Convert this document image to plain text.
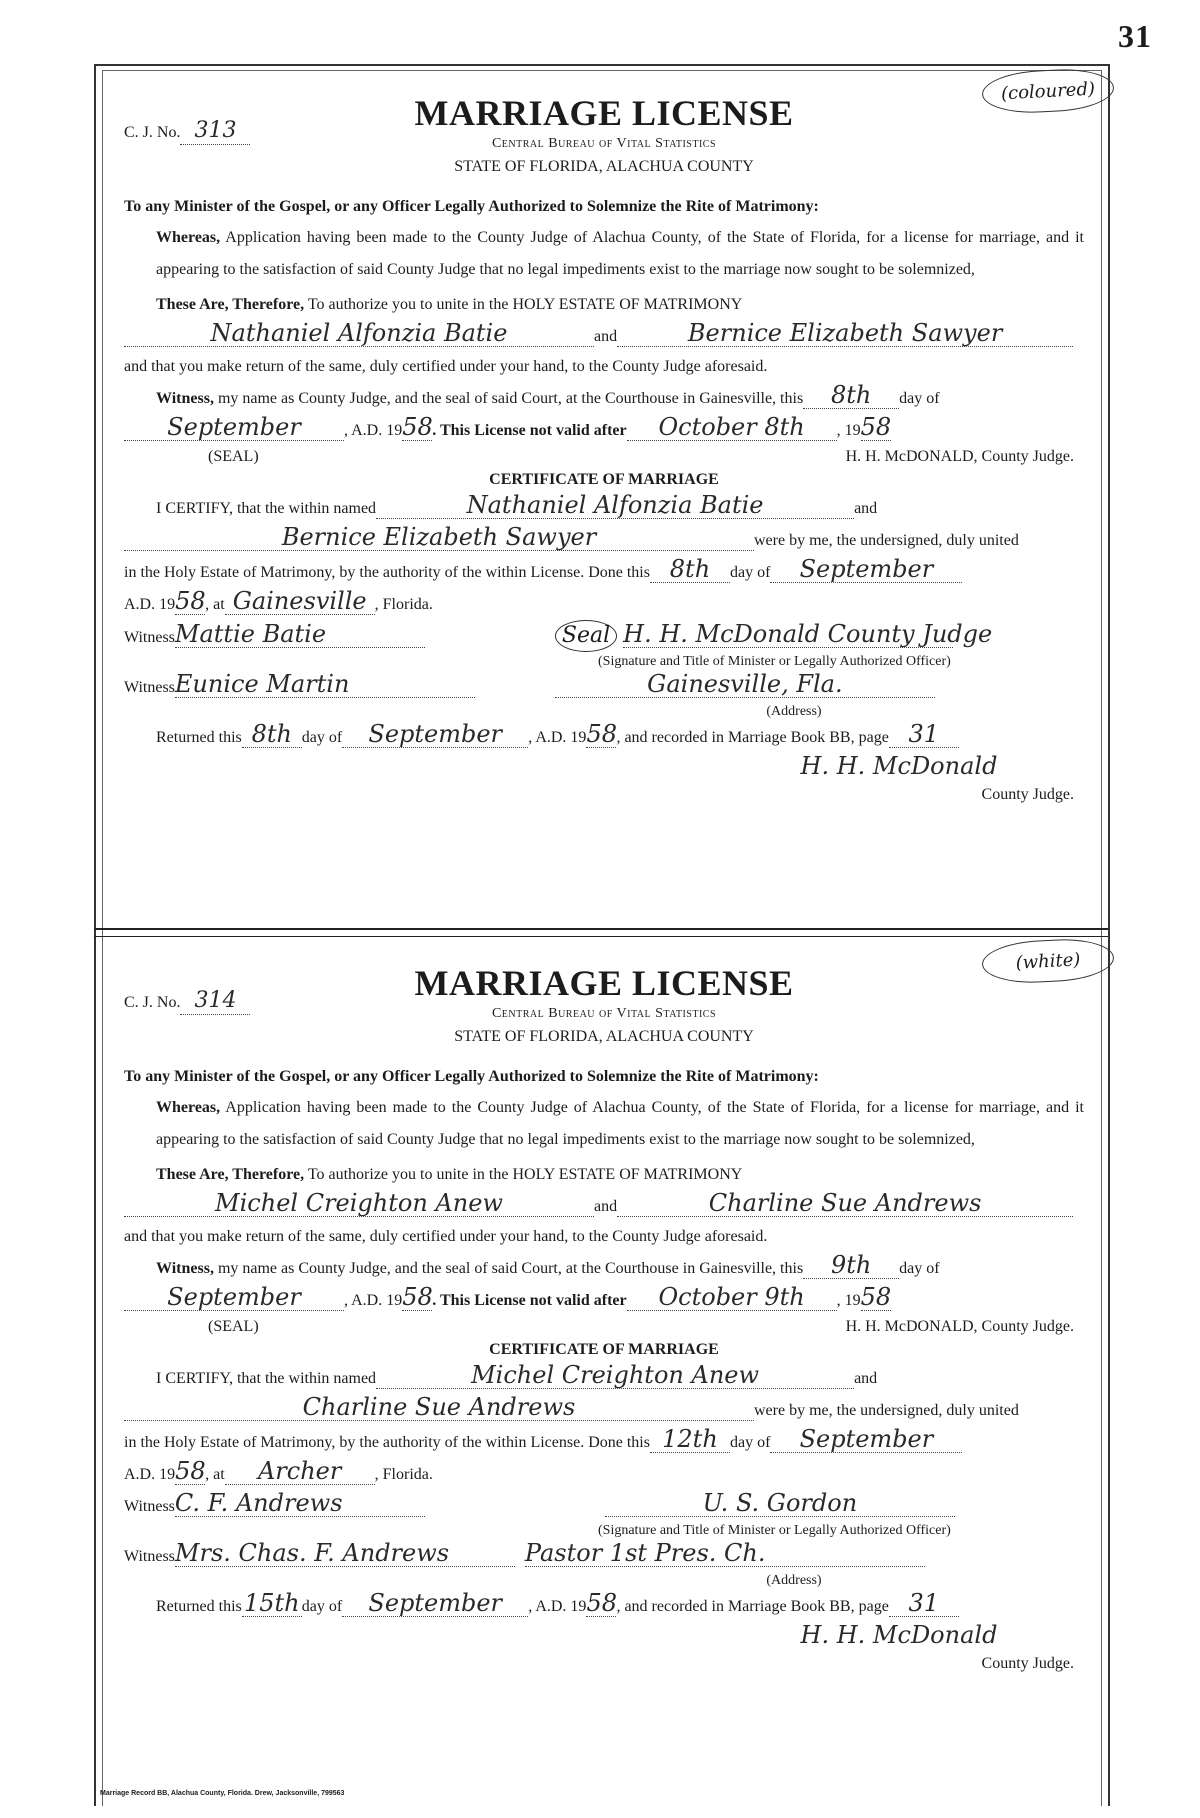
31
C. J. No. 313	MARRIAGE LICENSE
Central Bureau of Vital Statistics
STATE OF FLORIDA, ALACHUA COUNTY
(coloured)
To any Minister of the Gospel, or any Officer Legally Authorized to Solemnize the Rite of Matrimony:
Whereas, Application having been made to the County Judge of Alachua County, of the State of Florida, for a license for marriage, and it appearing to the satisfaction of said County Judge that no legal impediments exist to the marriage now sought to be solemnized,
These Are, Therefore, To authorize you to unite in the HOLY ESTATE OF MATRIMONY
Nathaniel Alfonzia Batie	and	Bernice Elizabeth Sawyer
and that you make return of the same, duly certified under your hand, to the County Judge aforesaid.
Witness, my name as County Judge, and the seal of said Court, at the Courthouse in Gainesville, this 8th day of
September	, A.D. 1958. This License not valid after October 8th , 1958
(SEAL)	H. H. McDONALD, County Judge.
CERTIFICATE OF MARRIAGE
I CERTIFY, that the within named	Nathaniel Alfonzia Batie	and
Bernice Elizabeth Sawyer	were by me, the undersigned, duly united
in the Holy Estate of Matrimony, by the authority of the within License. Done this 8th day of September
A.D. 1958, at Gainesville , Florida.
WitnessMattie Batie	Seal H. H. McDonald County Judge
(Signature and Title of Minister or Legally Authorized Officer)
WitnessEunice Martin	Gainesville, Fla.
(Address)
Returned this 8th day of September , A.D. 1958, and recorded in Marriage Book BB, page 31
H. H. McDonald
County Judge.
C. J. No. 314	MARRIAGE LICENSE
Central Bureau of Vital Statistics
STATE OF FLORIDA, ALACHUA COUNTY
(white)
To any Minister of the Gospel, or any Officer Legally Authorized to Solemnize the Rite of Matrimony:
Whereas, Application having been made to the County Judge of Alachua County, of the State of Florida, for a license for marriage, and it appearing to the satisfaction of said County Judge that no legal impediments exist to the marriage now sought to be solemnized,
These Are, Therefore, To authorize you to unite in the HOLY ESTATE OF MATRIMONY
Michel Creighton Anew	and	Charline Sue Andrews
and that you make return of the same, duly certified under your hand, to the County Judge aforesaid.
Witness, my name as County Judge, and the seal of said Court, at the Courthouse in Gainesville, this 9th day of
September	, A.D. 1958. This License not valid after October 9th , 1958
(SEAL)	H. H. McDONALD, County Judge.
CERTIFICATE OF MARRIAGE
I CERTIFY, that the within named	Michel Creighton Anew	and
Charline Sue Andrews	were by me, the undersigned, duly united
in the Holy Estate of Matrimony, by the authority of the within License. Done this 12th day of September
A.D. 1958, at Archer , Florida.
WitnessC. F. Andrews	U. S. Gordon
(Signature and Title of Minister or Legally Authorized Officer)
WitnessMrs. Chas. F. Andrews	Pastor 1st Pres. Ch.
(Address)
Returned this15th day of September , A.D. 1958, and recorded in Marriage Book BB, page 31
H. H. McDonald
County Judge.
Marriage Record BB, Alachua County, Florida. Drew, Jacksonville, 799563
